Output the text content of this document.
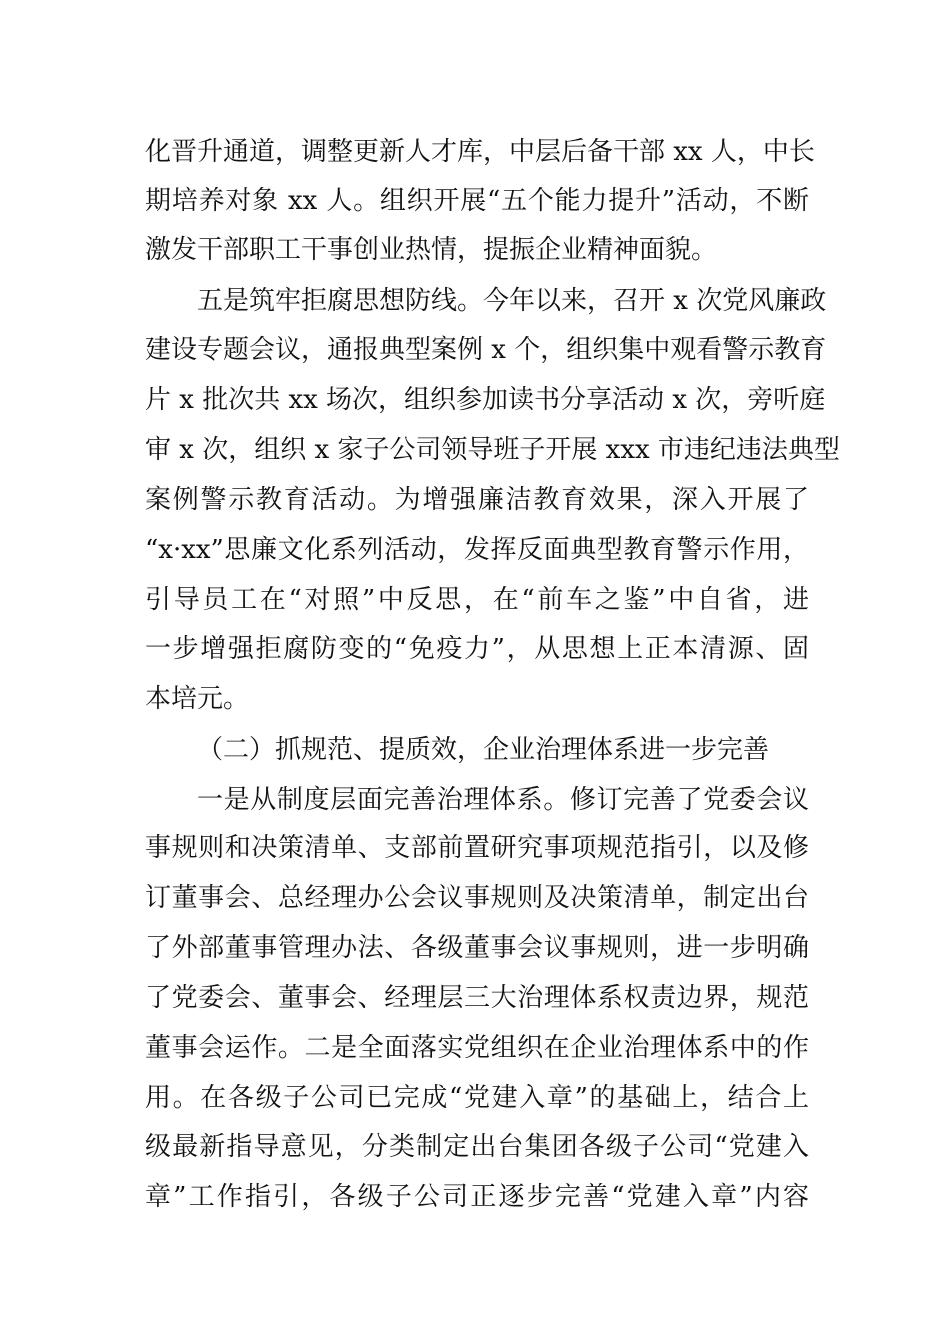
化晋升通道，调整更新人才库，中层后备干部 xx 人，中长
期培养对象 xx 人。组织开展“五个能力提升”活动，不断
激发干部职工干事创业热情，提振企业精神面貌。
五是筑牢拒腐思想防线。今年以来，召开 x 次党风廉政
建设专题会议，通报典型案例 x 个，组织集中观看警示教育
片 x 批次共 xx 场次，组织参加读书分享活动 x 次，旁听庭
审 x 次，组织 x 家子公司领导班子开展 xxx 市违纪违法典型
案例警示教育活动。为增强廉洁教育效果，深入开展了
“x·xx”思廉文化系列活动，发挥反面典型教育警示作用，
引导员工在“对照”中反思，在“前车之鉴”中自省，进
一步增强拒腐防变的“免疫力”，从思想上正本清源、固
本培元。
（二）抓规范、提质效，企业治理体系进一步完善
一是从制度层面完善治理体系。修订完善了党委会议
事规则和决策清单、支部前置研究事项规范指引，以及修
订董事会、总经理办公会议事规则及决策清单，制定出台
了外部董事管理办法、各级董事会议事规则，进一步明确
了党委会、董事会、经理层三大治理体系权责边界，规范
董事会运作。二是全面落实党组织在企业治理体系中的作
用。在各级子公司已完成“党建入章”的基础上，结合上
级最新指导意见，分类制定出台集团各级子公司“党建入
章”工作指引，各级子公司正逐步完善“党建入章”内容
